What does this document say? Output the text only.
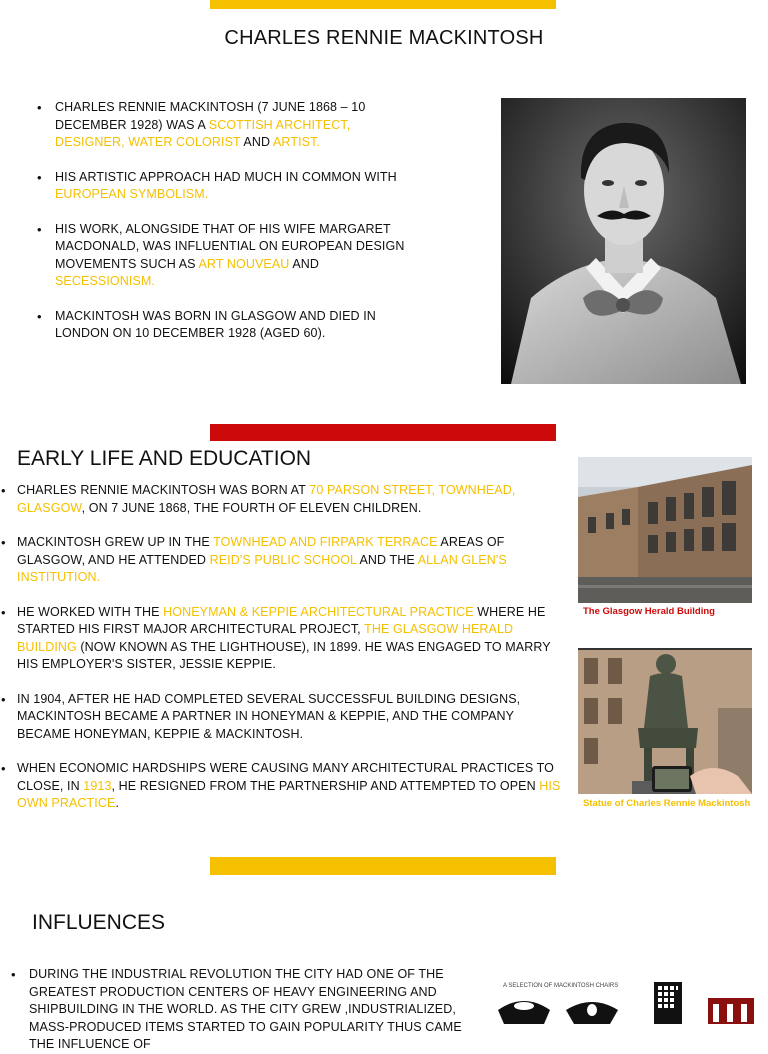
CHARLES RENNIE MACKINTOSH
• CHARLES RENNIE MACKINTOSH (7 JUNE 1868 – 10 DECEMBER 1928) WAS A SCOTTISH ARCHITECT, DESIGNER, WATER COLORIST AND ARTIST.
• HIS ARTISTIC APPROACH HAD MUCH IN COMMON WITH EUROPEAN SYMBOLISM.
• HIS WORK, ALONGSIDE THAT OF HIS WIFE MARGARET MACDONALD, WAS INFLUENTIAL ON EUROPEAN DESIGN MOVEMENTS SUCH AS ART NOUVEAU AND SECESSIONISM.
• MACKINTOSH WAS BORN IN GLASGOW AND DIED IN LONDON ON 10 DECEMBER 1928 (AGED 60).
EARLY LIFE AND EDUCATION
• CHARLES RENNIE MACKINTOSH WAS BORN AT 70 PARSON STREET, TOWNHEAD, GLASGOW, ON 7 JUNE 1868, THE FOURTH OF ELEVEN CHILDREN.
• MACKINTOSH GREW UP IN THE TOWNHEAD AND FIRPARK TERRACE AREAS OF GLASGOW, AND HE ATTENDED REID'S PUBLIC SCHOOL AND THE ALLAN GLEN'S INSTITUTION.
• HE WORKED WITH THE HONEYMAN & KEPPIE ARCHITECTURAL PRACTICE WHERE HE STARTED HIS FIRST MAJOR ARCHITECTURAL PROJECT, THE GLASGOW HERALD BUILDING (NOW KNOWN AS THE LIGHTHOUSE), IN 1899. HE WAS ENGAGED TO MARRY HIS EMPLOYER'S SISTER, JESSIE KEPPIE.
• IN 1904, AFTER HE HAD COMPLETED SEVERAL SUCCESSFUL BUILDING DESIGNS, MACKINTOSH BECAME A PARTNER IN HONEYMAN & KEPPIE, AND THE COMPANY BECAME HONEYMAN, KEPPIE & MACKINTOSH.
• WHEN ECONOMIC HARDSHIPS WERE CAUSING MANY ARCHITECTURAL PRACTICES TO CLOSE, IN 1913, HE RESIGNED FROM THE PARTNERSHIP AND ATTEMPTED TO OPEN HIS OWN PRACTICE.
The Glasgow Herald Building
Statue of Charles Rennie Mackintosh
INFLUENCES
• DURING THE INDUSTRIAL REVOLUTION THE CITY HAD ONE OF THE GREATEST PRODUCTION CENTERS OF HEAVY ENGINEERING AND SHIPBUILDING IN THE WORLD. AS THE CITY GREW ,INDUSTRIALIZED, MASS-PRODUCED ITEMS STARTED TO GAIN POPULARITY THUS CAME THE INFLUENCE OF
A SELECTION OF MACKINTOSH CHAIRS
